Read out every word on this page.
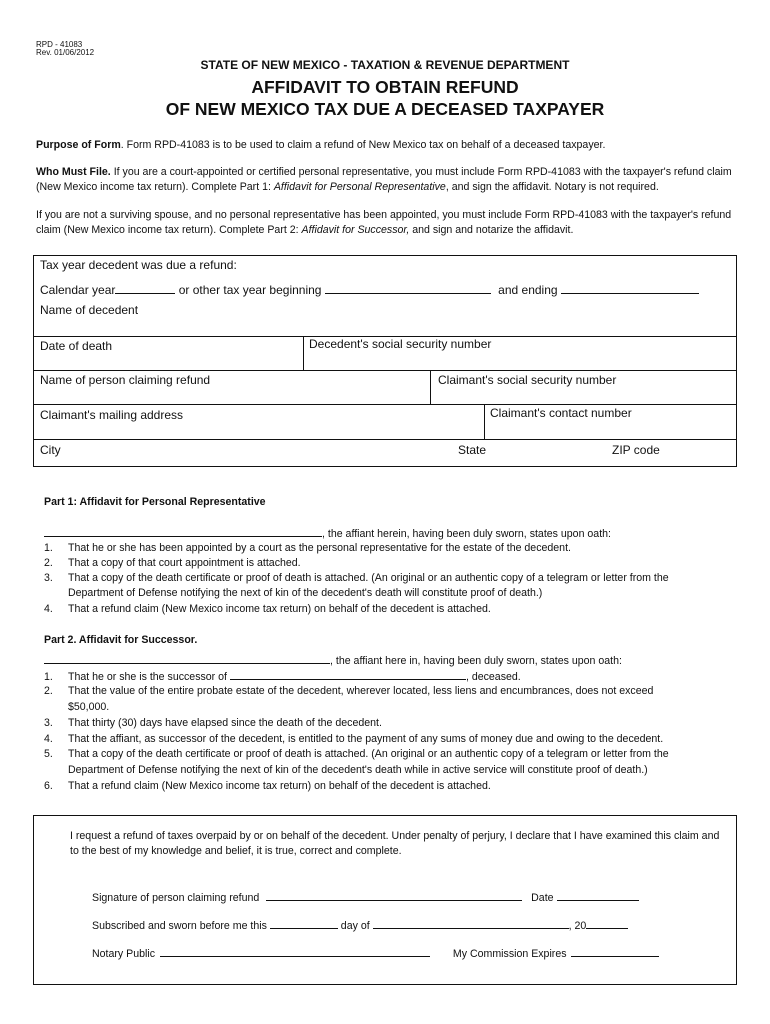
RPD - 41083
Rev. 01/06/2012
STATE OF NEW MEXICO - TAXATION & REVENUE DEPARTMENT
AFFIDAVIT TO OBTAIN REFUND
OF NEW MEXICO TAX DUE A DECEASED TAXPAYER
Purpose of Form. Form RPD-41083 is to be used to claim a refund of New Mexico tax on behalf of a deceased taxpayer.
Who Must File. If you are a court-appointed or certified personal representative, you must include Form RPD-41083 with the taxpayer's refund claim (New Mexico income tax return). Complete Part 1: Affidavit for Personal Representative, and sign the affidavit. Notary is not required.
If you are not a surviving spouse, and no personal representative has been appointed, you must include Form RPD-41083 with the taxpayer's refund claim (New Mexico income tax return). Complete Part 2: Affidavit for Successor, and sign and notarize the affidavit.
Tax year decedent was due a refund:
Calendar year	or other tax year beginning	and ending
Name of decedent
Date of death	Decedent's social security number
Name of person claiming refund	Claimant's social security number
Claimant's mailing address	Claimant's contact number
City	State	ZIP code
Part 1: Affidavit for Personal Representative
, the affiant herein, having been duly sworn, states upon oath:
1. That he or she has been appointed by a court as the personal representative for the estate of the decedent.
2. That a copy of that court appointment is attached.
3. That a copy of the death certificate or proof of death is attached. (An original or an authentic copy of a telegram or letter from the
Department of Defense notifying the next of kin of the decedent's death will constitute proof of death.)
4. That a refund claim (New Mexico income tax return) on behalf of the decedent is attached.
Part 2. Affidavit for Successor.
, the affiant here in, having been duly sworn, states upon oath:
1. That he or she is the successor of	, deceased.
2. That the value of the entire probate estate of the decedent, wherever located, less liens and encumbrances, does not exceed
$50,000.
3. That thirty (30) days have elapsed since the death of the decedent.
4. That the affiant, as successor of the decedent, is entitled to the payment of any sums of money due and owing to the decedent.
5. That a copy of the death certificate or proof of death is attached. (An original or an authentic copy of a telegram or letter from the
Department of Defense notifying the next of kin of the decedent's death while in active service will constitute proof of death.)
6. That a refund claim (New Mexico income tax return) on behalf of the decedent is attached.
I request a refund of taxes overpaid by or on behalf of the decedent. Under penalty of perjury, I declare that I have examined this claim and to the best of my knowledge and belief, it is true, correct and complete.
Signature of person claiming refund	Date
Subscribed and sworn before me this	day of	, 20
Notary Public	My Commission Expires
